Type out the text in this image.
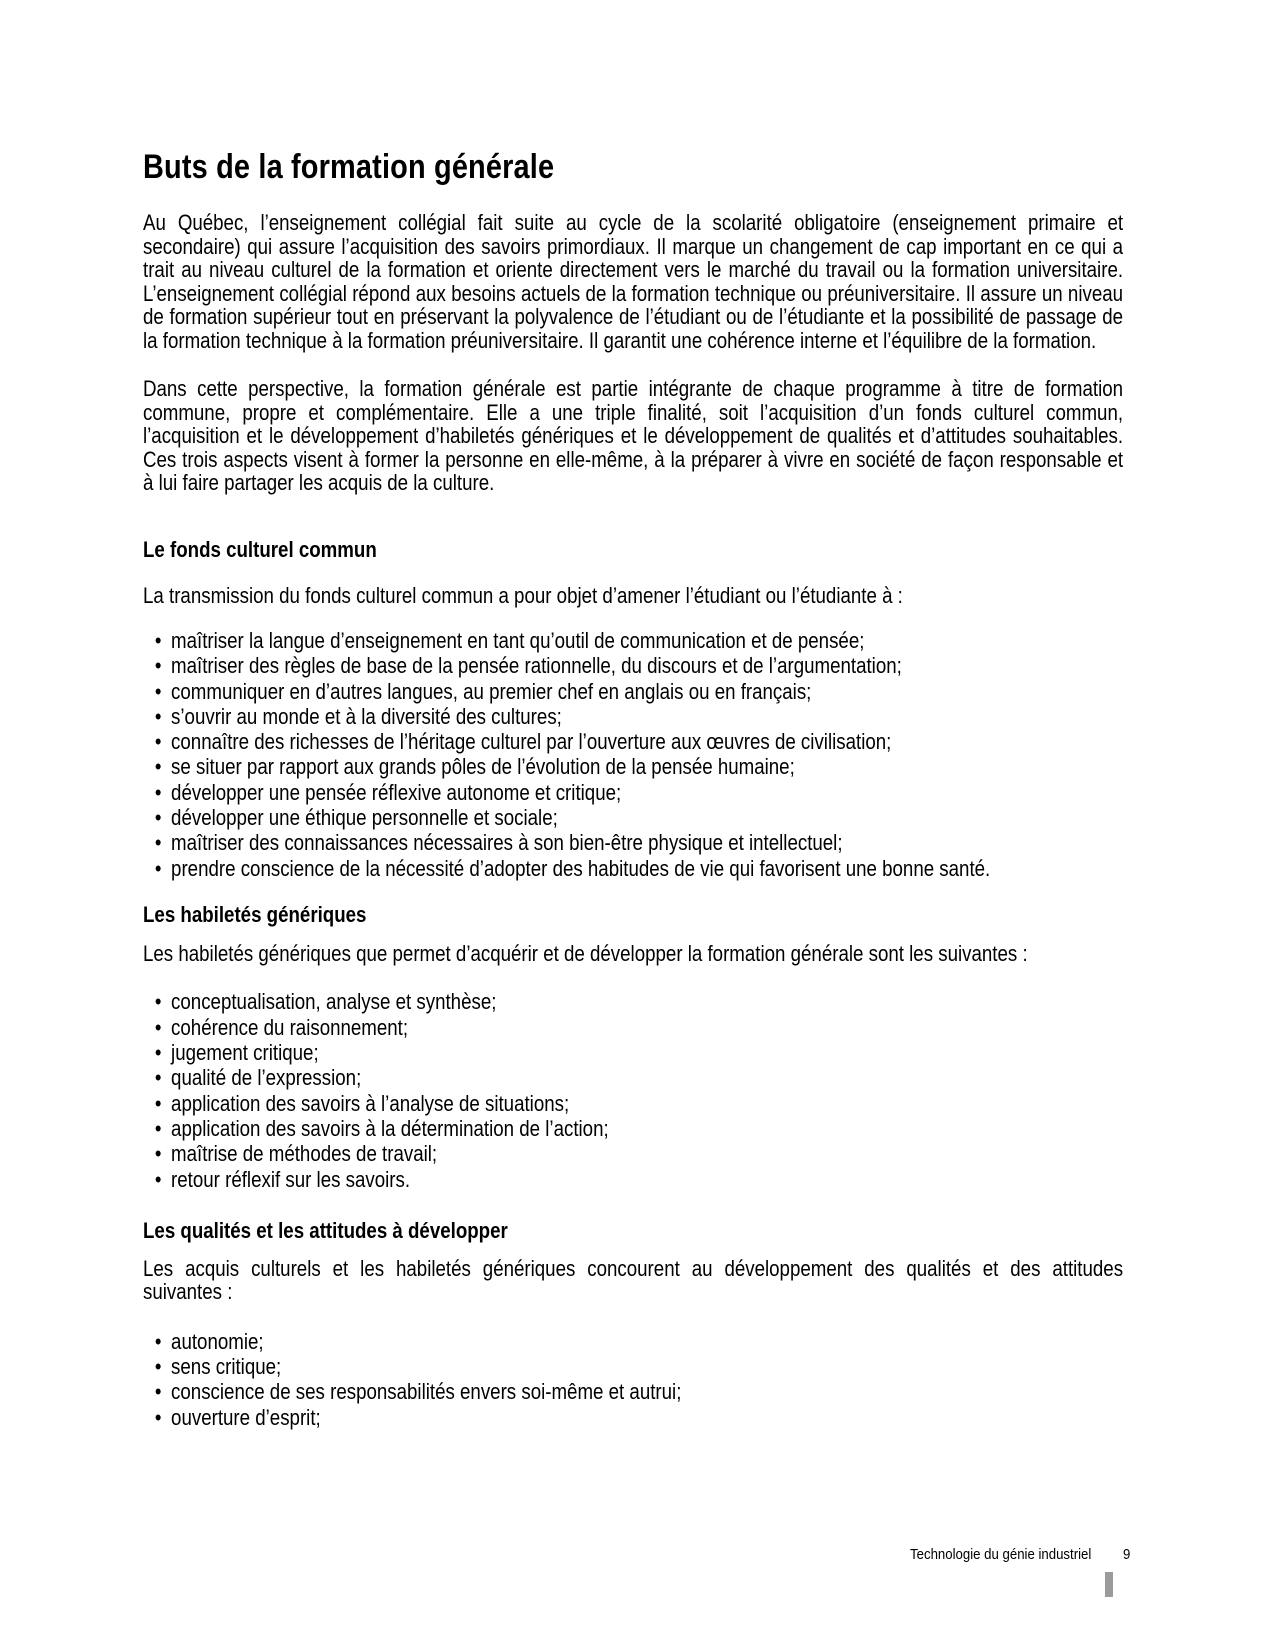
Buts de la formation générale

Au Québec, l’enseignement collégial fait suite au cycle de la scolarité obligatoire (enseignement primaire et secondaire) qui assure l’acquisition des savoirs primordiaux. Il marque un changement de cap important en ce qui a trait au niveau culturel de la formation et oriente directement vers le marché du travail ou la formation universitaire. L’enseignement collégial répond aux besoins actuels de la formation technique ou préuniversitaire. Il assure un niveau de formation supérieur tout en préservant la polyvalence de l’étudiant ou de l’étudiante et la possibilité de passage de la formation technique à la formation préuniversitaire. Il garantit une cohérence interne et l’équilibre de la formation.

Dans cette perspective, la formation générale est partie intégrante de chaque programme à titre de formation commune, propre et complémentaire. Elle a une triple finalité, soit l’acquisition d’un fonds culturel commun, l’acquisition et le développement d’habiletés génériques et le développement de qualités et d’attitudes souhaitables. Ces trois aspects visent à former la personne en elle-même, à la préparer à vivre en société de façon responsable et à lui faire partager les acquis de la culture.

Le fonds culturel commun

La transmission du fonds culturel commun a pour objet d’amener l’étudiant ou l’étudiante à :

• maîtriser la langue d’enseignement en tant qu’outil de communication et de pensée;
• maîtriser des règles de base de la pensée rationnelle, du discours et de l’argumentation;
• communiquer en d’autres langues, au premier chef en anglais ou en français;
• s’ouvrir au monde et à la diversité des cultures;
• connaître des richesses de l’héritage culturel par l’ouverture aux œuvres de civilisation;
• se situer par rapport aux grands pôles de l’évolution de la pensée humaine;
• développer une pensée réflexive autonome et critique;
• développer une éthique personnelle et sociale;
• maîtriser des connaissances nécessaires à son bien-être physique et intellectuel;
• prendre conscience de la nécessité d’adopter des habitudes de vie qui favorisent une bonne santé.
Les habiletés génériques

Les habiletés génériques que permet d’acquérir et de développer la formation générale sont les suivantes :

• conceptualisation, analyse et synthèse;
• cohérence du raisonnement;
• jugement critique;
• qualité de l’expression;
• application des savoirs à l’analyse de situations;
• application des savoirs à la détermination de l’action;
• maîtrise de méthodes de travail;
• retour réflexif sur les savoirs.
Les qualités et les attitudes à développer

Les acquis culturels et les habiletés génériques concourent au développement des qualités et des attitudes suivantes :

• autonomie;
• sens critique;
• conscience de ses responsabilités envers soi-même et autrui;
• ouverture d’esprit;
Technologie du génie industriel 9
